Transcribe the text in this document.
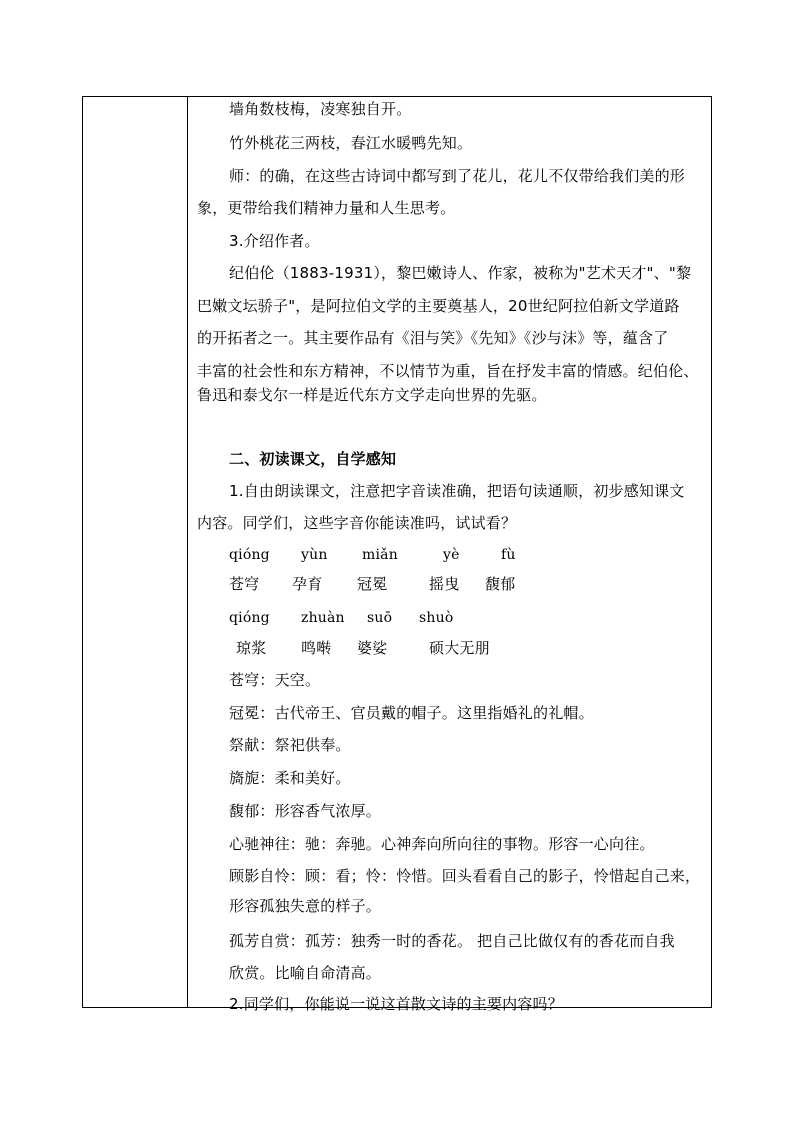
墙角数枝梅，凌寒独自开。
竹外桃花三两枝，春江水暖鸭先知。
师：的确，在这些古诗词中都写到了花儿，花儿不仅带给我们美的形
象，更带给我们精神力量和人生思考。
3.介绍作者。
纪伯伦（1883-1931），黎巴嫩诗人、作家，被称为"艺术天才"、"黎
巴嫩文坛骄子"，是阿拉伯文学的主要奠基人，20世纪阿拉伯新文学道路
的开拓者之一。其主要作品有《泪与笑》《先知》《沙与沫》等，蕴含了
丰富的社会性和东方精神，不以情节为重，旨在抒发丰富的情感。纪伯伦、
鲁迅和泰戈尔一样是近代东方文学走向世界的先驱。
二、初读课文，自学感知
1.自由朗读课文，注意把字音读准确，把语句读通顺，初步感知课文
内容。同学们，这些字音你能读准吗，试试看？
qióng yùn miǎn	yè	fù
苍穹 孕育 冠冕	摇曳 馥郁
qióng zhuàn suō shuò
琼浆 鸣啭 婆娑	硕大无朋
苍穹：天空。
冠冕：古代帝王、官员戴的帽子。这里指婚礼的礼帽。
祭献：祭祀供奉。
旖旎：柔和美好。
馥郁：形容香气浓厚。
心驰神往：驰：奔驰。心神奔向所向往的事物。形容一心向往。
顾影自怜：顾：看；怜：怜惜。回头看看自己的影子，怜惜起自己来，
形容孤独失意的样子。
孤芳自赏：孤芳：独秀一时的香花。 把自己比做仅有的香花而自我
欣赏。比喻自命清高。
2.同学们，你能说一说这首散文诗的主要内容吗？
